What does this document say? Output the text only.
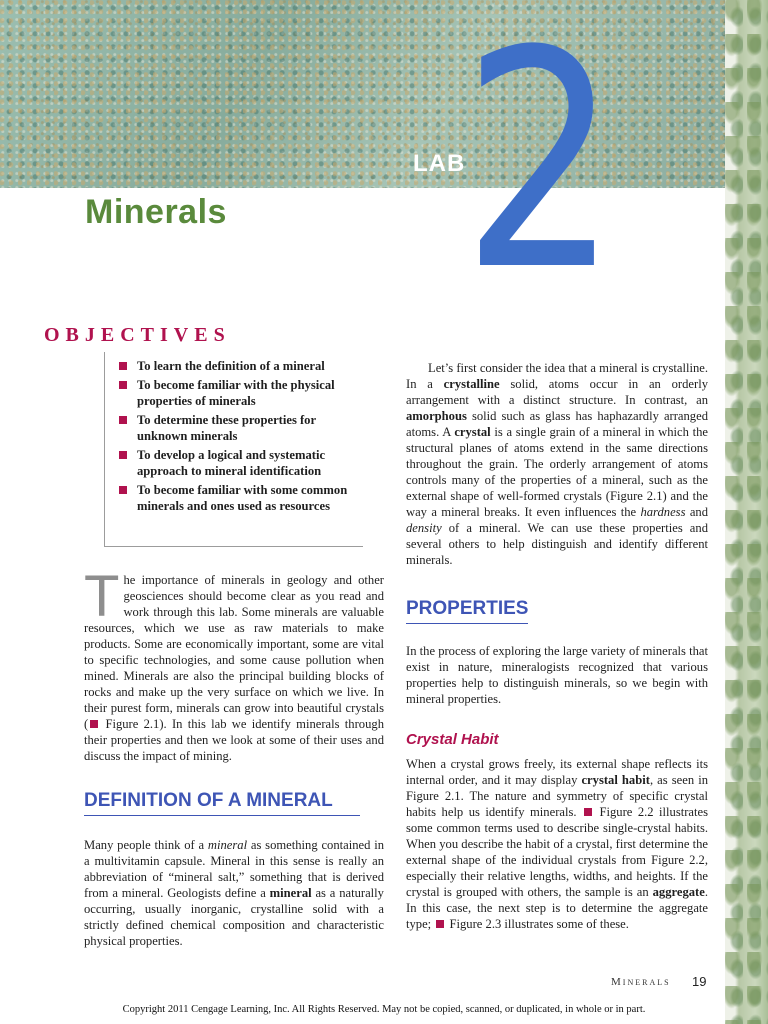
2
LAB
Minerals
OBJECTIVES
To learn the definition of a mineral
To become familiar with the physical properties of minerals
To determine these properties for unknown minerals
To develop a logical and systematic approach to mineral identification
To become familiar with some common minerals and ones used as resources

The importance of minerals in geology and other geosciences should become clear as you read and work through this lab. Some minerals are valuable resources, which we use as raw materials to make products. Some are economically important, some are vital to specific technologies, and some cause pollution when mined. Minerals are also the principal building blocks of rocks and make up the very surface on which we live. In their purest form, minerals can grow into beautiful crystals ( Figure 2.1). In this lab we identify minerals through their properties and then we look at some of their uses and discuss the impact of mining.

DEFINITION OF A MINERAL

Many people think of a mineral as something contained in a multivitamin capsule. Mineral in this sense is really an abbreviation of “mineral salt,” something that is derived from a mineral. Geologists define a mineral as a naturally occurring, usually inorganic, crystalline solid with a strictly defined chemical composition and characteristic physical properties.

Let’s first consider the idea that a mineral is crystalline. In a crystalline solid, atoms occur in an orderly arrangement with a distinct structure. In contrast, an amorphous solid such as glass has haphazardly arranged atoms. A crystal is a single grain of a mineral in which the structural planes of atoms extend in the same directions throughout the grain. The orderly arrangement of atoms controls many of the properties of a mineral, such as the external shape of well-formed crystals (Figure 2.1) and the way a mineral breaks. It even influences the hardness and density of a mineral. We can use these properties and several others to help distinguish and identify different minerals.

PROPERTIES

In the process of exploring the large variety of minerals that exist in nature, mineralogists recognized that various properties help to distinguish minerals, so we begin with mineral properties.

Crystal Habit

When a crystal grows freely, its external shape reflects its internal order, and it may display crystal habit, as seen in Figure 2.1. The nature and symmetry of specific crystal habits help us identify minerals.  Figure 2.2 illustrates some common terms used to describe single-crystal habits. When you describe the habit of a crystal, first determine the external shape of the individual crystals from Figure 2.2, especially their relative lengths, widths, and heights. If the crystal is grouped with others, the sample is an aggregate. In this case, the next step is to determine the aggregate type;  Figure 2.3 illustrates some of these.

Minerals 19
Copyright 2011 Cengage Learning, Inc. All Rights Reserved. May not be copied, scanned, or duplicated, in whole or in part.
